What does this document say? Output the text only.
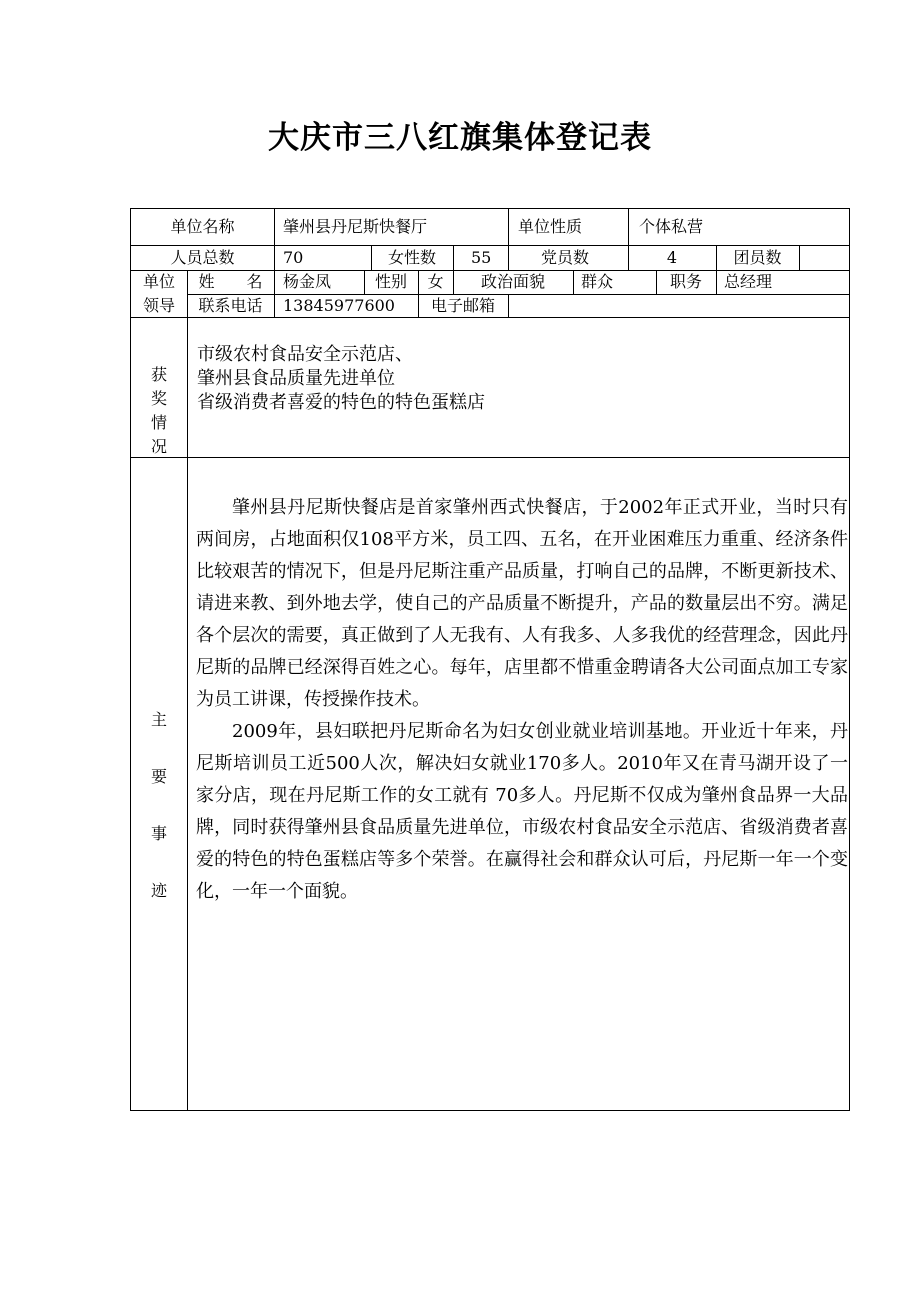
大庆市三八红旗集体登记表
单位名称	肇州县丹尼斯快餐厅	单位性质	个体私营
人员总数	70	女性数	55	党员数	4	团员数
单位
领导
姓　　名	杨金凤	性别	女	政治面貌	群众	职务	总经理
联系电话	13845977600	电子邮箱
获
奖
情
况
市级农村食品安全示范店、
肇州县食品质量先进单位
省级消费者喜爱的特色的特色蛋糕店
主
要
事
迹

肇州县丹尼斯快餐店是首家肇州西式快餐店，于2002年正式开业，当时只有两间房，占地面积仅108平方米，员工四、五名，在开业困难压力重重、经济条件比较艰苦的情况下，但是丹尼斯注重产品质量，打响自己的品牌，不断更新技术、请进来教、到外地去学，使自己的产品质量不断提升，产品的数量层出不穷。满足各个层次的需要，真正做到了人无我有、人有我多、人多我优的经营理念，因此丹尼斯的品牌已经深得百姓之心。每年，店里都不惜重金聘请各大公司面点加工专家为员工讲课，传授操作技术。

2009年，县妇联把丹尼斯命名为妇女创业就业培训基地。开业近十年来，丹尼斯培训员工近500人次，解决妇女就业170多人。2010年又在青马湖开设了一家分店，现在丹尼斯工作的女工就有 70多人。丹尼斯不仅成为肇州食品界一大品牌，同时获得肇州县食品质量先进单位，市级农村食品安全示范店、省级消费者喜爱的特色的特色蛋糕店等多个荣誉。在赢得社会和群众认可后，丹尼斯一年一个变化，一年一个面貌。
